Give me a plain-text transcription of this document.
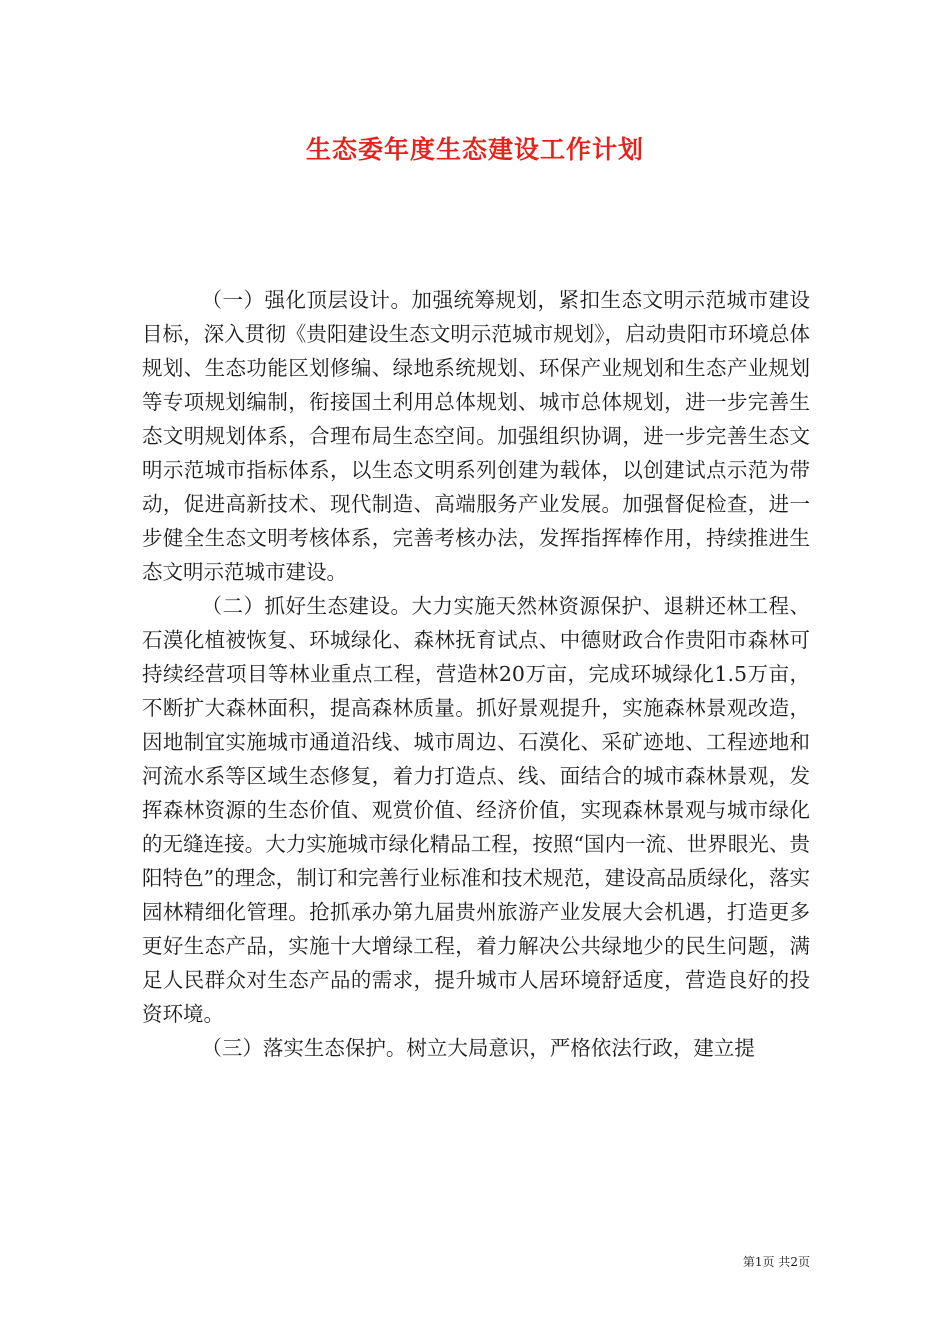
生态委年度生态建设工作计划

（一）强化顶层设计。加强统筹规划，紧扣生态文明示范城市建设目标，深入贯彻《贵阳建设生态文明示范城市规划》，启动贵阳市环境总体规划、生态功能区划修编、绿地系统规划、环保产业规划和生态产业规划等专项规划编制，衔接国土利用总体规划、城市总体规划，进一步完善生态文明规划体系，合理布局生态空间。加强组织协调，进一步完善生态文明示范城市指标体系，以生态文明系列创建为载体，以创建试点示范为带动，促进高新技术、现代制造、高端服务产业发展。加强督促检查，进一步健全生态文明考核体系，完善考核办法，发挥指挥棒作用，持续推进生态文明示范城市建设。

（二）抓好生态建设。大力实施天然林资源保护、退耕还林工程、石漠化植被恢复、环城绿化、森林抚育试点、中德财政合作贵阳市森林可持续经营项目等林业重点工程，营造林20万亩，完成环城绿化1.5万亩，不断扩大森林面积，提高森林质量。抓好景观提升，实施森林景观改造，因地制宜实施城市通道沿线、城市周边、石漠化、采矿迹地、工程迹地和河流水系等区域生态修复，着力打造点、线、面结合的城市森林景观，发挥森林资源的生态价值、观赏价值、经济价值，实现森林景观与城市绿化的无缝连接。大力实施城市绿化精品工程，按照“国内一流、世界眼光、贵阳特色”的理念，制订和完善行业标准和技术规范，建设高品质绿化，落实园林精细化管理。抢抓承办第九届贵州旅游产业发展大会机遇，打造更多更好生态产品，实施十大增绿工程，着力解决公共绿地少的民生问题，满足人民群众对生态产品的需求，提升城市人居环境舒适度，营造良好的投资环境。

（三）落实生态保护。树立大局意识，严格依法行政，建立提

第1页 共2页
